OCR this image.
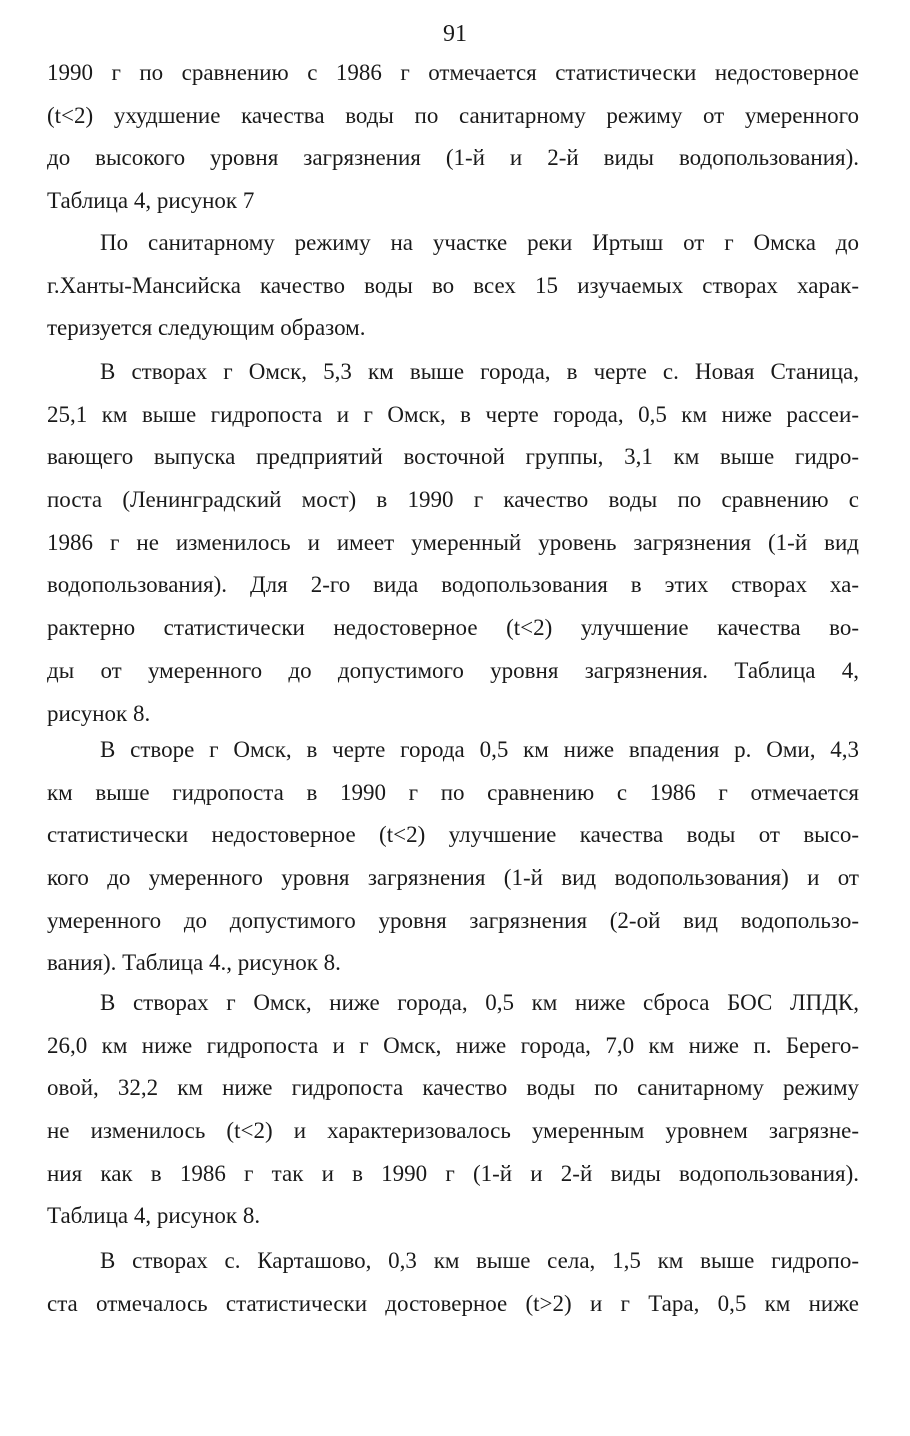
91
1990 г по сравнению с 1986 г отмечается статистически недостоверное
(t<2) ухудшение качества воды по санитарному режиму от умеренного
до высокого уровня загрязнения (1-й и 2-й виды водопользования).
Таблица 4, рисунок 7
По санитарному режиму на участке реки Иртыш от г Омска до
г.Ханты-Мансийска качество воды во всех 15 изучаемых створах харак-
теризуется следующим образом.
В створах г Омск, 5,3 км выше города, в черте с. Новая Станица,
25,1 км выше гидропоста и г Омск, в черте города, 0,5 км ниже рассеи-
вающего выпуска предприятий восточной группы, 3,1 км выше гидро-
поста (Ленинградский мост) в 1990 г качество воды по сравнению с
1986 г не изменилось и имеет умеренный уровень загрязнения (1-й вид
водопользования). Для 2-го вида водопользования в этих створах ха-
рактерно статистически недостоверное (t<2) улучшение качества во-
ды от умеренного до допустимого уровня загрязнения. Таблица 4,
рисунок 8.
В створе г Омск, в черте города 0,5 км ниже впадения р. Оми, 4,3
км выше гидропоста в 1990 г по сравнению с 1986 г отмечается
статистически недостоверное (t<2) улучшение качества воды от высо-
кого до умеренного уровня загрязнения (1-й вид водопользования) и от
умеренного до допустимого уровня загрязнения (2-ой вид водопользо-
вания). Таблица 4., рисунок 8.
В створах г Омск, ниже города, 0,5 км ниже сброса БОС ЛПДК,
26,0 км ниже гидропоста и г Омск, ниже города, 7,0 км ниже п. Берего-
овой, 32,2 км ниже гидропоста качество воды по санитарному режиму
не изменилось (t<2) и характеризовалось умеренным уровнем загрязне-
ния как в 1986 г так и в 1990 г (1-й и 2-й виды водопользования).
Таблица 4, рисунок 8.
В створах с. Карташово, 0,3 км выше села, 1,5 км выше гидропо-
ста отмечалось статистически достоверное (t>2) и г Тара, 0,5 км ниже
